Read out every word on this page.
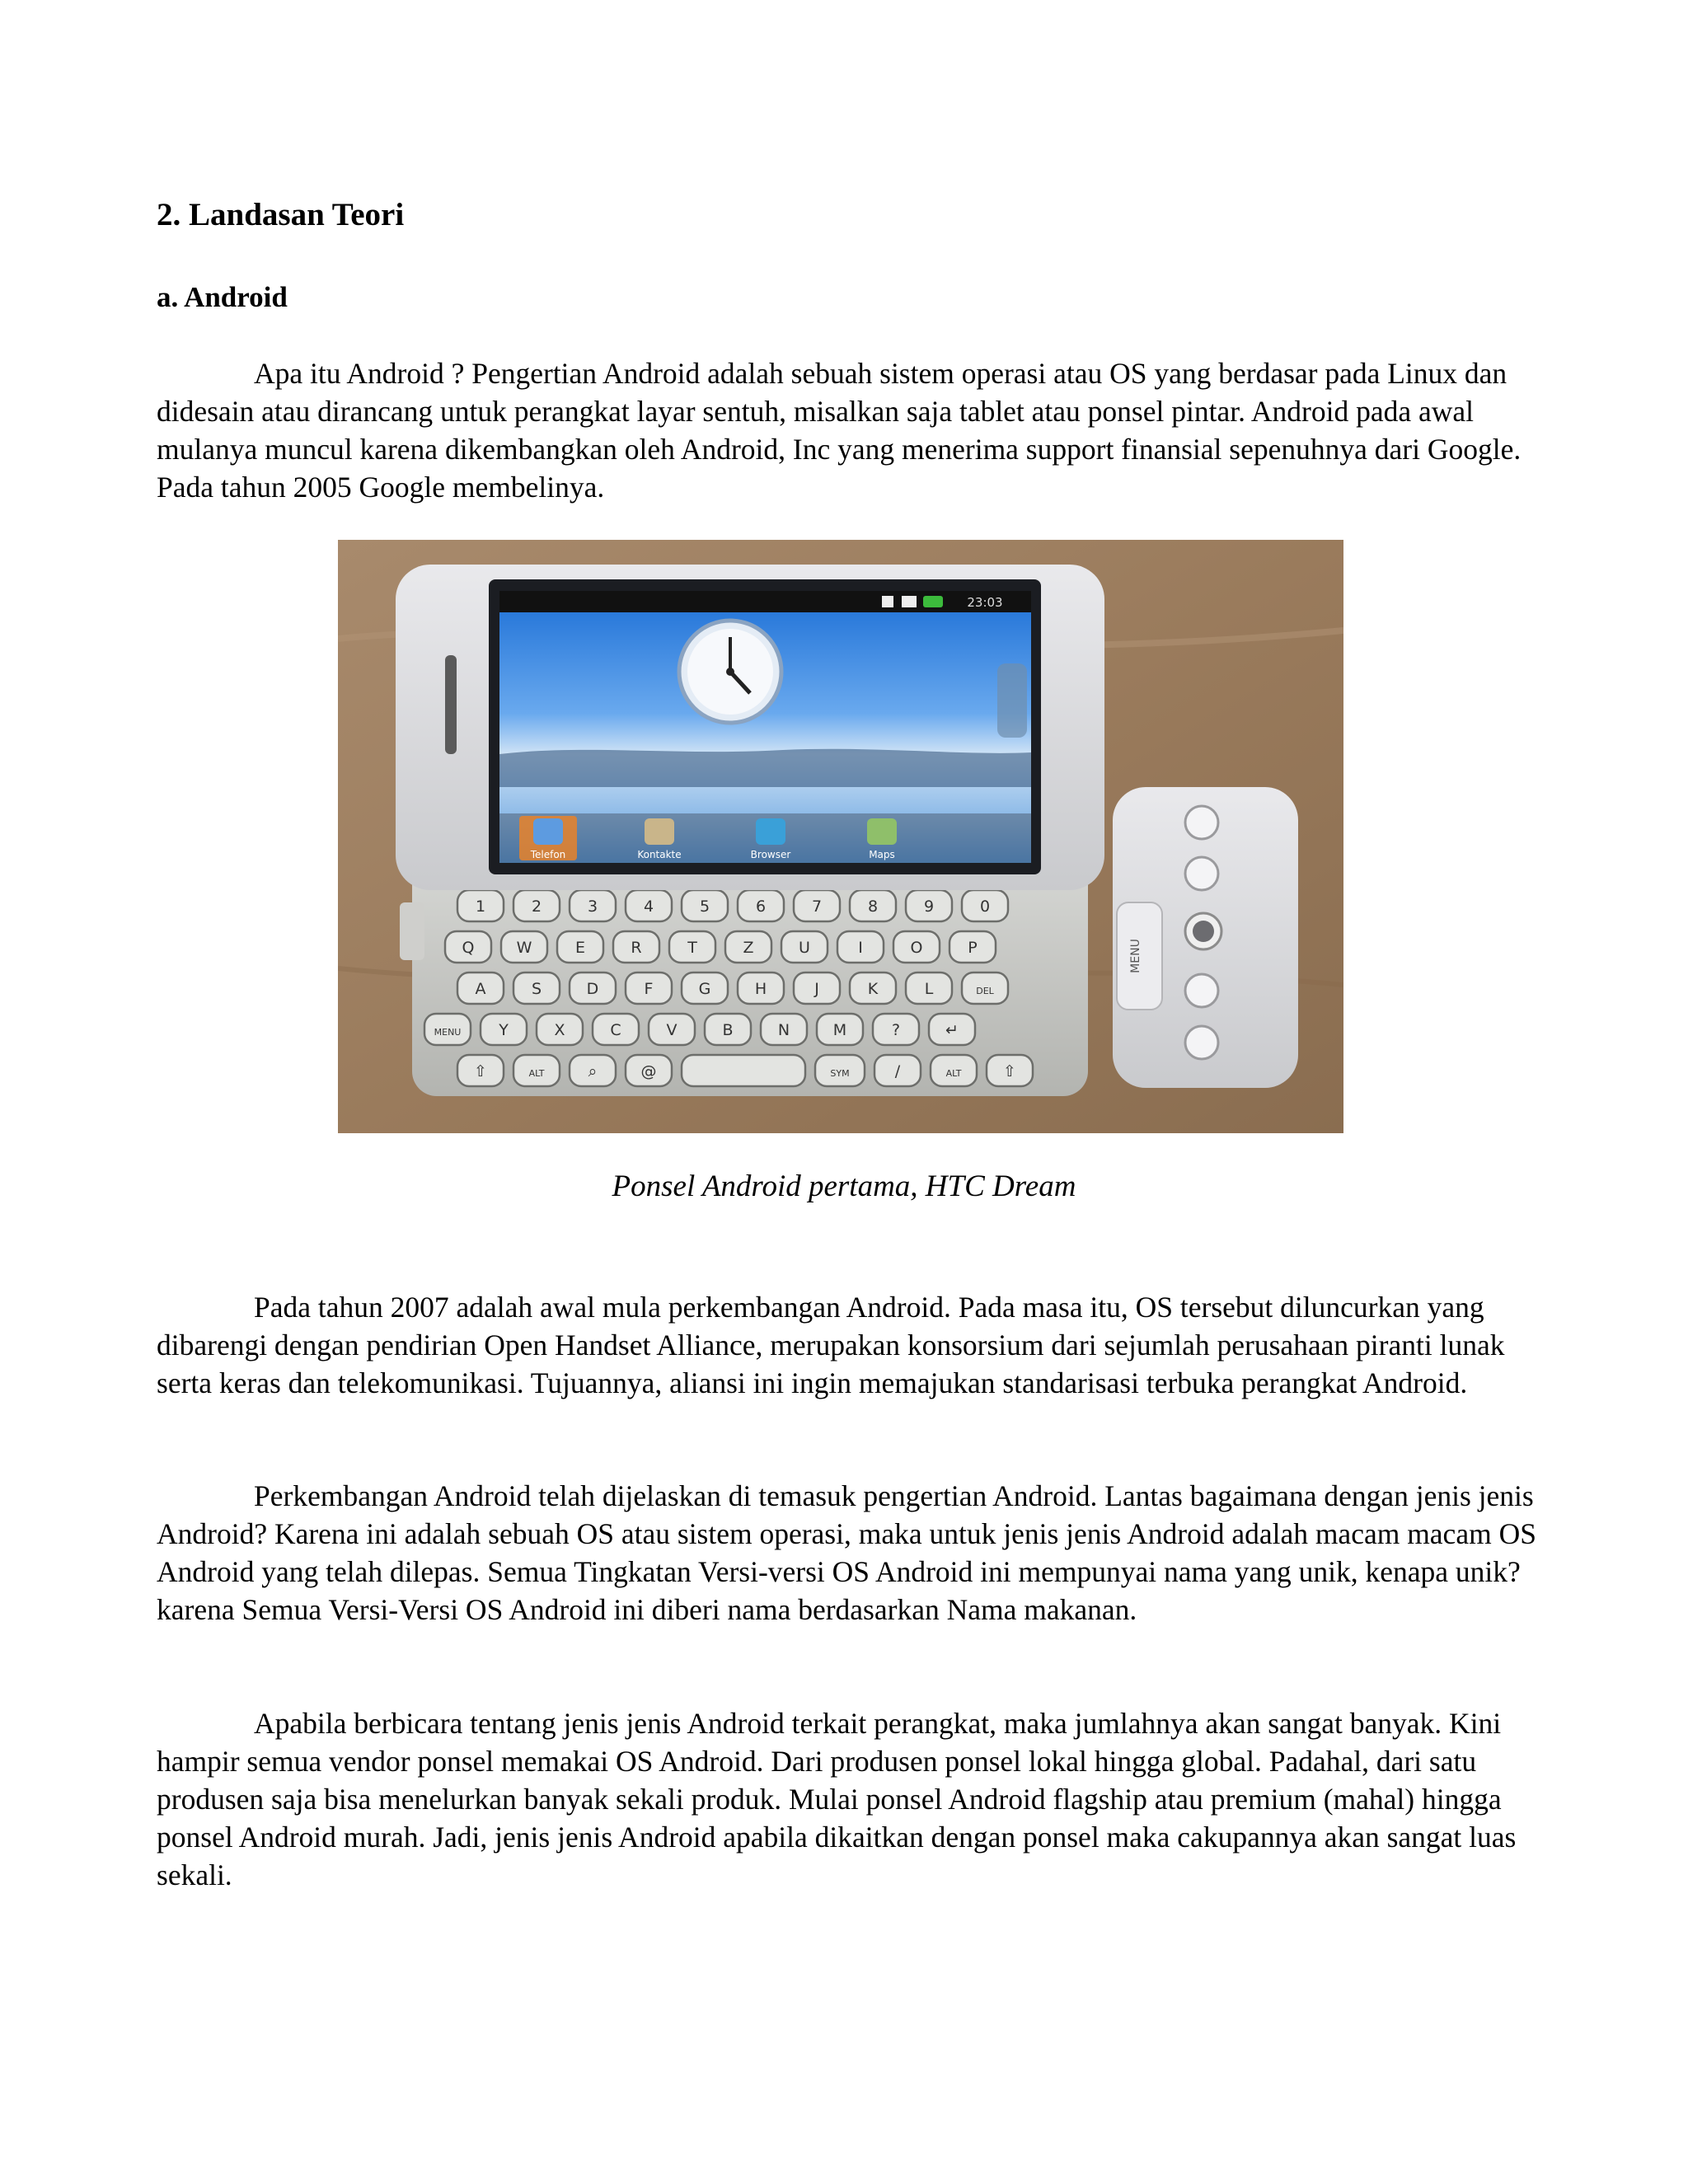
2. Landasan Teori
a. Android

Apa itu Android ? Pengertian Android adalah sebuah sistem operasi atau OS yang berdasar pada Linux dan didesain atau dirancang untuk perangkat layar sentuh, misalkan saja tablet atau ponsel pintar. Android pada awal mulanya muncul karena dikembangkan oleh Android, Inc yang menerima support finansial sepenuhnya dari Google. Pada tahun 2005 Google membelinya.

1	2	3	4	5	6	7	8	9	0
Q	W	E	R	T	Z	U	I	O	P
A	S	D	F	G	H	J	K	L	DEL
MENU Y	X	C	V	B	N	M	?	↵
⇧	ALT	⌕	@	SYM	/	ALT	⇧
MENU
23:03
Telefon	Kontakte	Browser	Maps

Ponsel Android pertama, HTC Dream

Pada tahun 2007 adalah awal mula perkembangan Android. Pada masa itu, OS tersebut diluncurkan yang dibarengi dengan pendirian Open Handset Alliance, merupakan konsorsium dari sejumlah perusahaan piranti lunak serta keras dan telekomunikasi. Tujuannya, aliansi ini ingin memajukan standarisasi terbuka perangkat Android.

Perkembangan Android telah dijelaskan di temasuk pengertian Android. Lantas bagaimana dengan jenis jenis Android? Karena ini adalah sebuah OS atau sistem operasi, maka untuk jenis jenis Android adalah macam macam OS Android yang telah dilepas. Semua Tingkatan Versi-versi OS Android ini mempunyai nama yang unik, kenapa unik? karena Semua Versi-Versi OS Android ini diberi nama berdasarkan Nama makanan.

Apabila berbicara tentang jenis jenis Android terkait perangkat, maka jumlahnya akan sangat banyak. Kini hampir semua vendor ponsel memakai OS Android. Dari produsen ponsel lokal hingga global. Padahal, dari satu produsen saja bisa menelurkan banyak sekali produk. Mulai ponsel Android flagship atau premium (mahal) hingga ponsel Android murah. Jadi, jenis jenis Android apabila dikaitkan dengan ponsel maka cakupannya akan sangat luas sekali.
